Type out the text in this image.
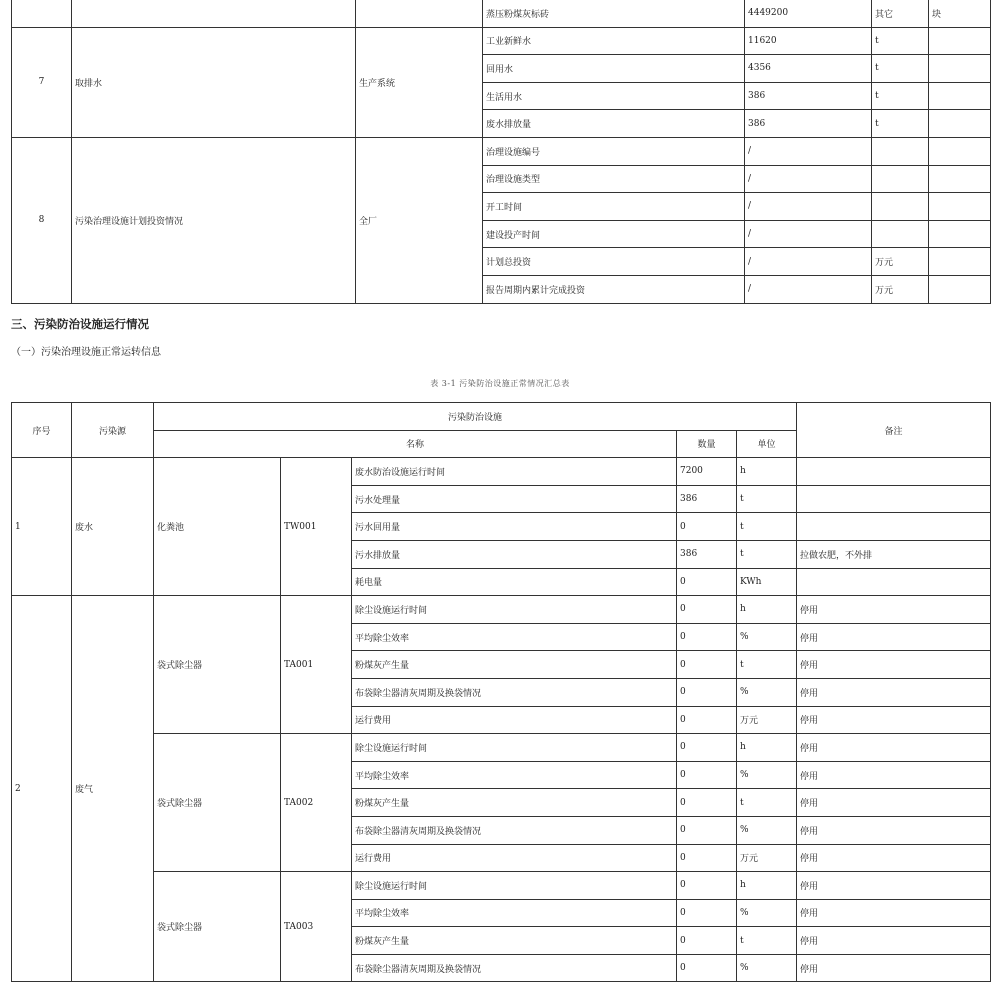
			蒸压粉煤灰标砖	4449200	其它	块
7	取排水	生产系统	工业新鲜水	11620	t	
			回用水	4356	t	
			生活用水	386	t	
			废水排放量	386	t	
8	污染治理设施计划投资情况	全厂	治理设施编号	/		
			治理设施类型	/		
			开工时间	/		
			建设投产时间	/		
			计划总投资	/	万元	
			报告周期内累计完成投资	/	万元	
三、污染防治设施运行情况
（一）污染治理设施正常运转信息
表 3-1 污染防治设施正常情况汇总表
序号	污染源	污染防治设施					备注
		名称			数量	单位	
1	废水	化粪池	TW001	废水防治设施运行时间	7200	h	
				污水处理量	386	t	
				污水回用量	0	t	
				污水排放量	386	t	拉做农肥，不外排
				耗电量	0	KWh	
2	废气	袋式除尘器	TA001	除尘设施运行时间	0	h	停用
				平均除尘效率	0	%	停用
				粉煤灰产生量	0	t	停用
				布袋除尘器清灰周期及换袋情况	0	%	停用
				运行费用	0	万元	停用
		袋式除尘器	TA002	除尘设施运行时间	0	h	停用
				平均除尘效率	0	%	停用
				粉煤灰产生量	0	t	停用
				布袋除尘器清灰周期及换袋情况	0	%	停用
				运行费用	0	万元	停用
		袋式除尘器	TA003	除尘设施运行时间	0	h	停用
				平均除尘效率	0	%	停用
				粉煤灰产生量	0	t	停用
				布袋除尘器清灰周期及换袋情况	0	%	停用
